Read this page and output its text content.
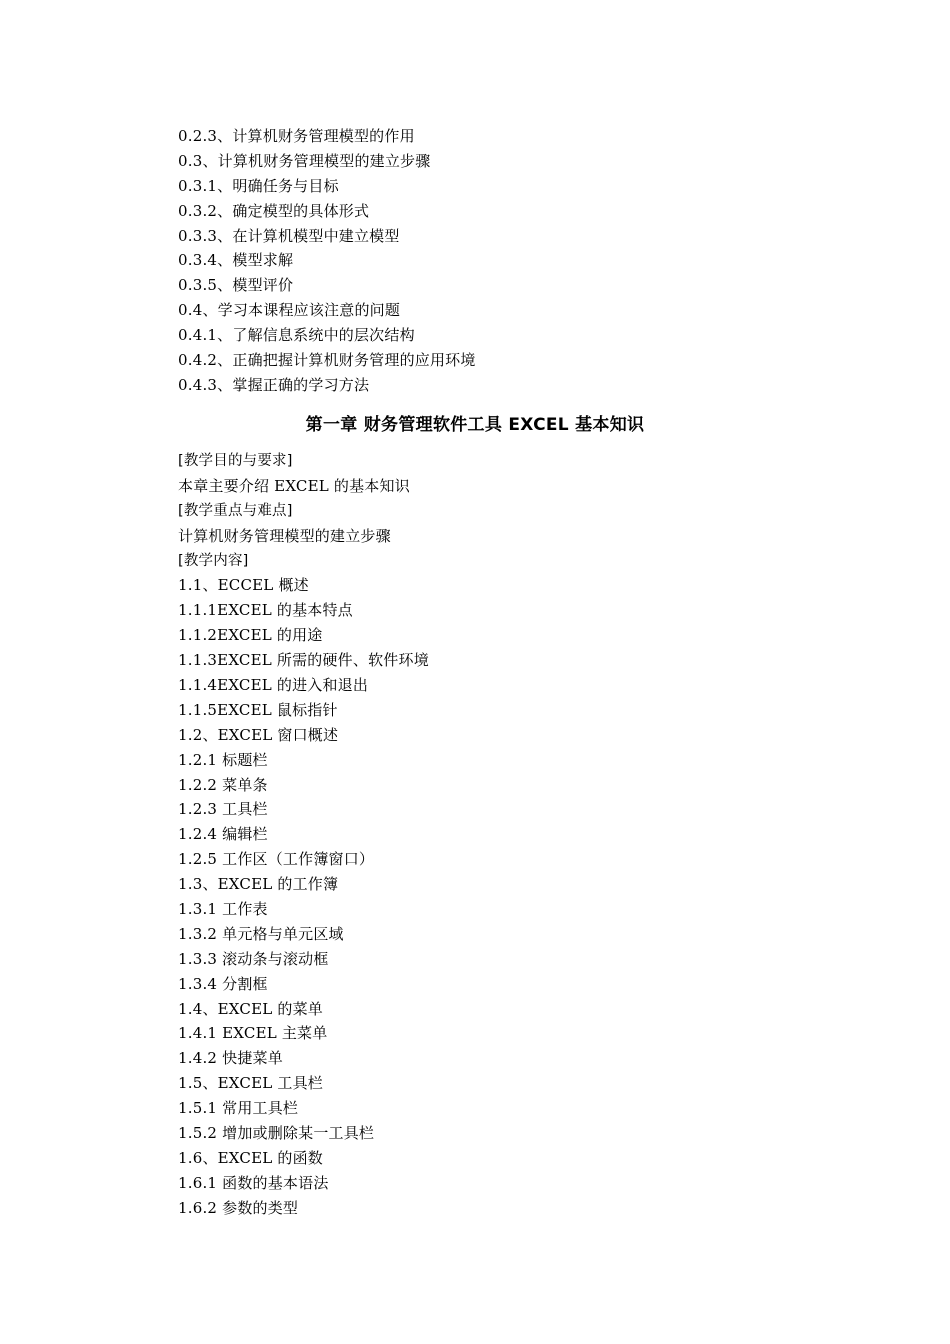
0.2.3、计算机财务管理模型的作用
0.3、计算机财务管理模型的建立步骤
0.3.1、明确任务与目标
0.3.2、确定模型的具体形式
0.3.3、在计算机模型中建立模型
0.3.4、模型求解
0.3.5、模型评价
0.4、学习本课程应该注意的问题
0.4.1、了解信息系统中的层次结构
0.4.2、正确把握计算机财务管理的应用环境
0.4.3、掌握正确的学习方法
第一章 财务管理软件工具 EXCEL 基本知识
[教学目的与要求]
本章主要介绍 EXCEL 的基本知识
[教学重点与难点]
计算机财务管理模型的建立步骤
[教学内容]
1.1、ECCEL 概述
1.1.1EXCEL 的基本特点
1.1.2EXCEL 的用途
1.1.3EXCEL 所需的硬件、软件环境
1.1.4EXCEL 的进入和退出
1.1.5EXCEL 鼠标指针
1.2、EXCEL 窗口概述
1.2.1 标题栏
1.2.2 菜单条
1.2.3 工具栏
1.2.4 编辑栏
1.2.5 工作区（工作簿窗口）
1.3、EXCEL 的工作簿
1.3.1 工作表
1.3.2 单元格与单元区域
1.3.3 滚动条与滚动框
1.3.4 分割框
1.4、EXCEL 的菜单
1.4.1 EXCEL 主菜单
1.4.2 快捷菜单
1.5、EXCEL 工具栏
1.5.1 常用工具栏
1.5.2 增加或删除某一工具栏
1.6、EXCEL 的函数
1.6.1 函数的基本语法
1.6.2 参数的类型
